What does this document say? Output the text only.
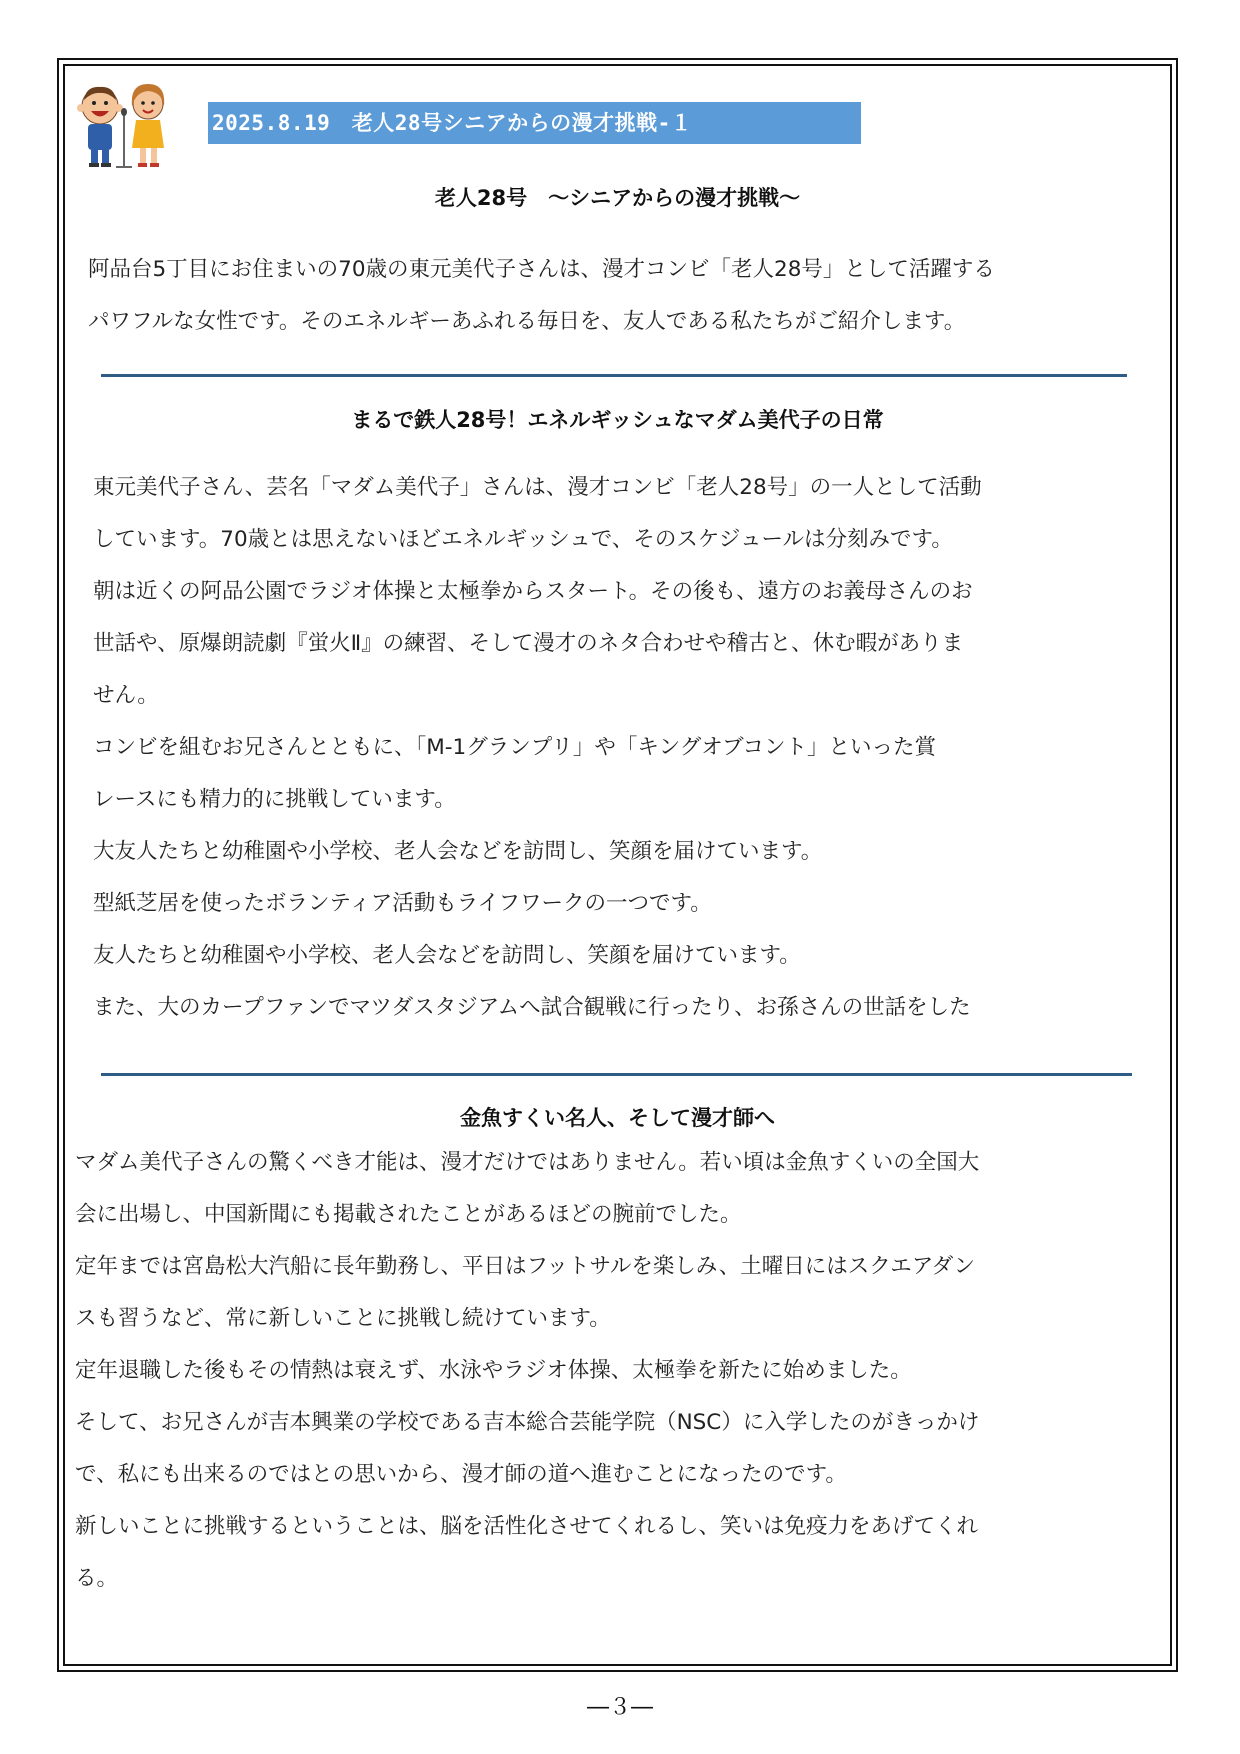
2025.8.19　老人28号シニアからの漫才挑戦-１
老人28号　～シニアからの漫才挑戦～
阿品台5丁目にお住まいの70歳の東元美代子さんは、漫才コンビ「老人28号」として活躍する
パワフルな女性です。そのエネルギーあふれる毎日を、友人である私たちがご紹介します。
まるで鉄人28号！エネルギッシュなマダム美代子の日常
東元美代子さん、芸名「マダム美代子」さんは、漫才コンビ「老人28号」の一人として活動
しています。70歳とは思えないほどエネルギッシュで、そのスケジュールは分刻みです。
朝は近くの阿品公園でラジオ体操と太極拳からスタート。その後も、遠方のお義母さんのお
世話や、原爆朗読劇『蛍火Ⅱ』の練習、そして漫才のネタ合わせや稽古と、休む暇がありま
せん。
コンビを組むお兄さんとともに、「M-1グランプリ」や「キングオブコント」といった賞
レースにも精力的に挑戦しています。
大友人たちと幼稚園や小学校、老人会などを訪問し、笑顔を届けています。
型紙芝居を使ったボランティア活動もライフワークの一つです。
友人たちと幼稚園や小学校、老人会などを訪問し、笑顔を届けています。
また、大のカープファンでマツダスタジアムへ試合観戦に行ったり、お孫さんの世話をした
金魚すくい名人、そして漫才師へ
マダム美代子さんの驚くべき才能は、漫才だけではありません。若い頃は金魚すくいの全国大
会に出場し、中国新聞にも掲載されたことがあるほどの腕前でした。
定年までは宮島松大汽船に長年勤務し、平日はフットサルを楽しみ、土曜日にはスクエアダン
スも習うなど、常に新しいことに挑戦し続けています。
定年退職した後もその情熱は衰えず、水泳やラジオ体操、太極拳を新たに始めました。
そして、お兄さんが吉本興業の学校である吉本総合芸能学院（NSC）に入学したのがきっかけ
で、私にも出来るのではとの思いから、漫才師の道へ進むことになったのです。
新しいことに挑戦するということは、脳を活性化させてくれるし、笑いは免疫力をあげてくれ
る。
―３―
